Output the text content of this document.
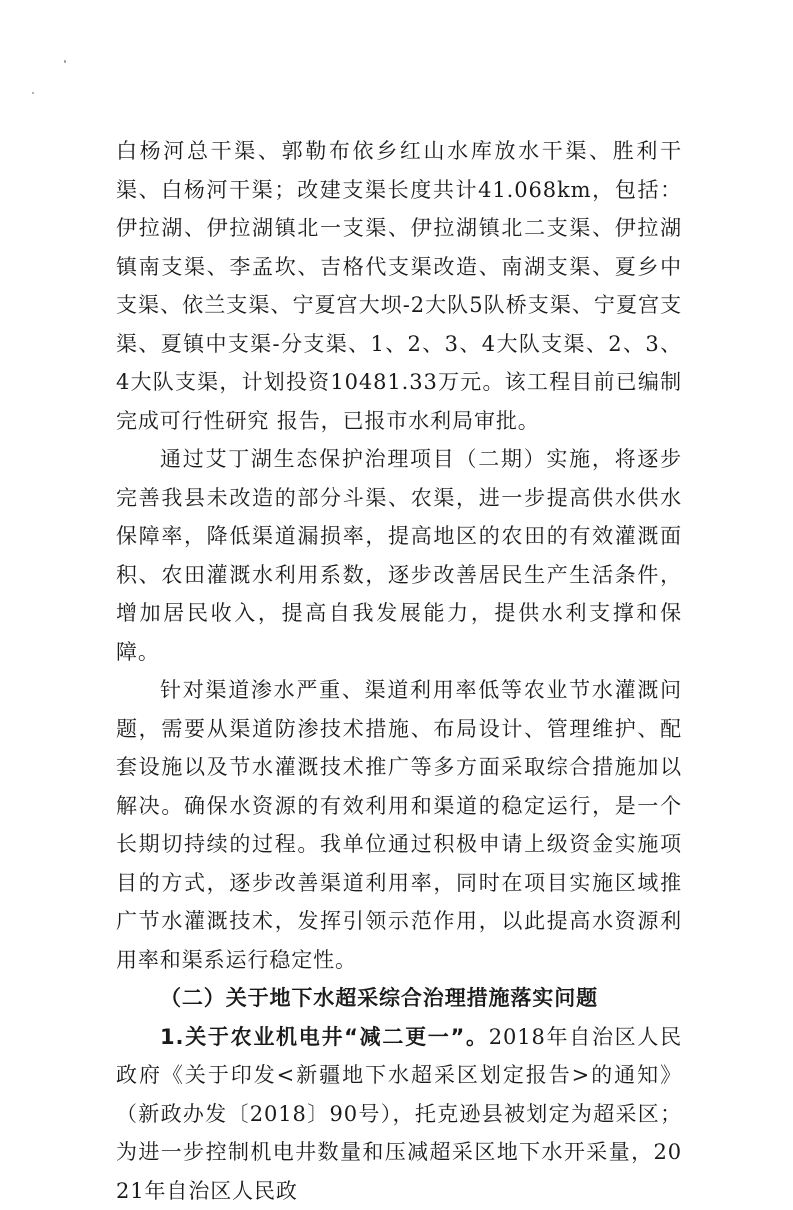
白杨河总干渠、郭勒布依乡红山水库放水干渠、胜利干渠、白杨河干渠；改建支渠长度共计41.068km，包括：伊拉湖、伊拉湖镇北一支渠、伊拉湖镇北二支渠、伊拉湖镇南支渠、李孟坎、吉格代支渠改造、南湖支渠、夏乡中支渠、依兰支渠、宁夏宫大坝-2大队5队桥支渠、宁夏宫支渠、夏镇中支渠-分支渠、1、2、3、4大队支渠、2、3、4大队支渠，计划投资10481.33万元。该工程目前已编制完成可行性研究 报告，已报市水利局审批。

通过艾丁湖生态保护治理项目（二期）实施，将逐步完善我县未改造的部分斗渠、农渠，进一步提高供水供水保障率，降低渠道漏损率，提高地区的农田的有效灌溉面积、农田灌溉水利用系数，逐步改善居民生产生活条件，增加居民收入，提高自我发展能力，提供水利支撑和保障。

针对渠道渗水严重、渠道利用率低等农业节水灌溉问题，需要从渠道防渗技术措施、布局设计、管理维护、配套设施以及节水灌溉技术推广等多方面采取综合措施加以解决。确保水资源的有效利用和渠道的稳定运行，是一个长期切持续的过程。我单位通过积极申请上级资金实施项目的方式，逐步改善渠道利用率，同时在项目实施区域推广节水灌溉技术，发挥引领示范作用，以此提高水资源利用率和渠系运行稳定性。

（二）关于地下水超采综合治理措施落实问题

1.关于农业机电井“减二更一”。2018年自治区人民政府《关于印发<新疆地下水超采区划定报告>的通知》（新政办发〔2018〕90号），托克逊县被划定为超采区；为进一步控制机电井数量和压减超采区地下水开采量，2021年自治区人民政
